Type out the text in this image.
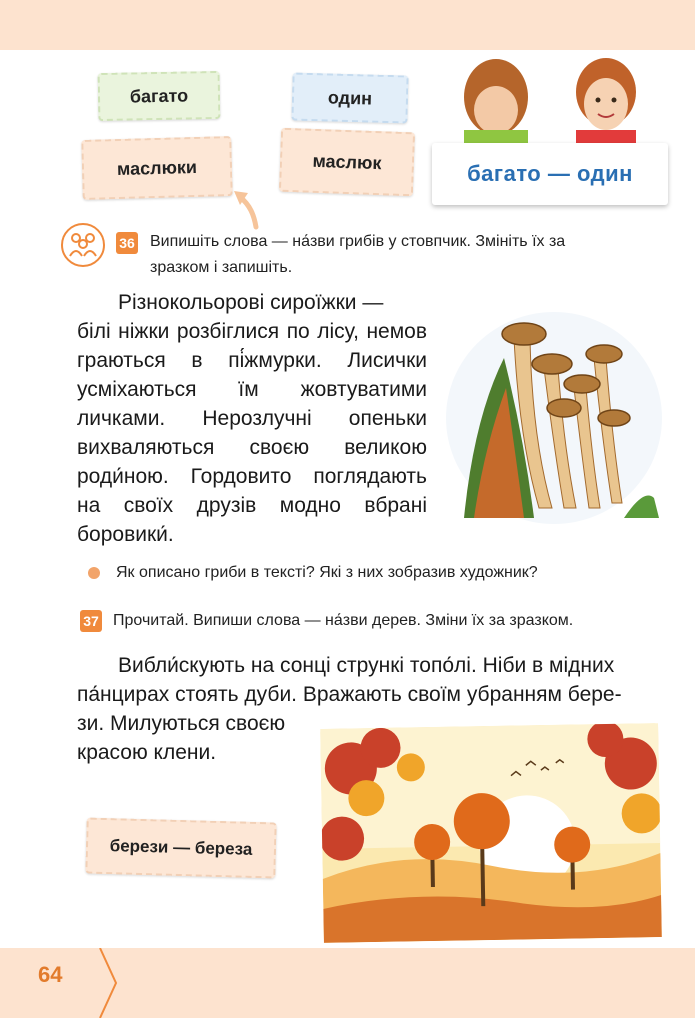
багато	один
маслюки	маслюк	багато — один
36 Випишіть слова — на́зви грибів у стовпчик. Змініть їх за
зразком і запишіть.
Різнокольорові сироїжки —
білі ніжки розбіглися по лісу, немов
граються в пі́жмурки. Лисички
усміхаються їм жовтуватими
личками. Нерозлучні опеньки
вихваляються своєю великою
роди́ною. Гордовито поглядають
на своїх друзів модно вбрані
боровики́.
Як описано гриби в тексті? Які з них зобразив художник?
37 Прочитай. Випиши слова — на́зви дерев. Зміни їх за зразком.
Вибли́скують на сонці стрункі топо́лі. Ніби в мідних
па́нцирах стоять дуби. Вражають своїм убранням бере-
зи. Милуються своєю
красою клени.
берези — береза
64
